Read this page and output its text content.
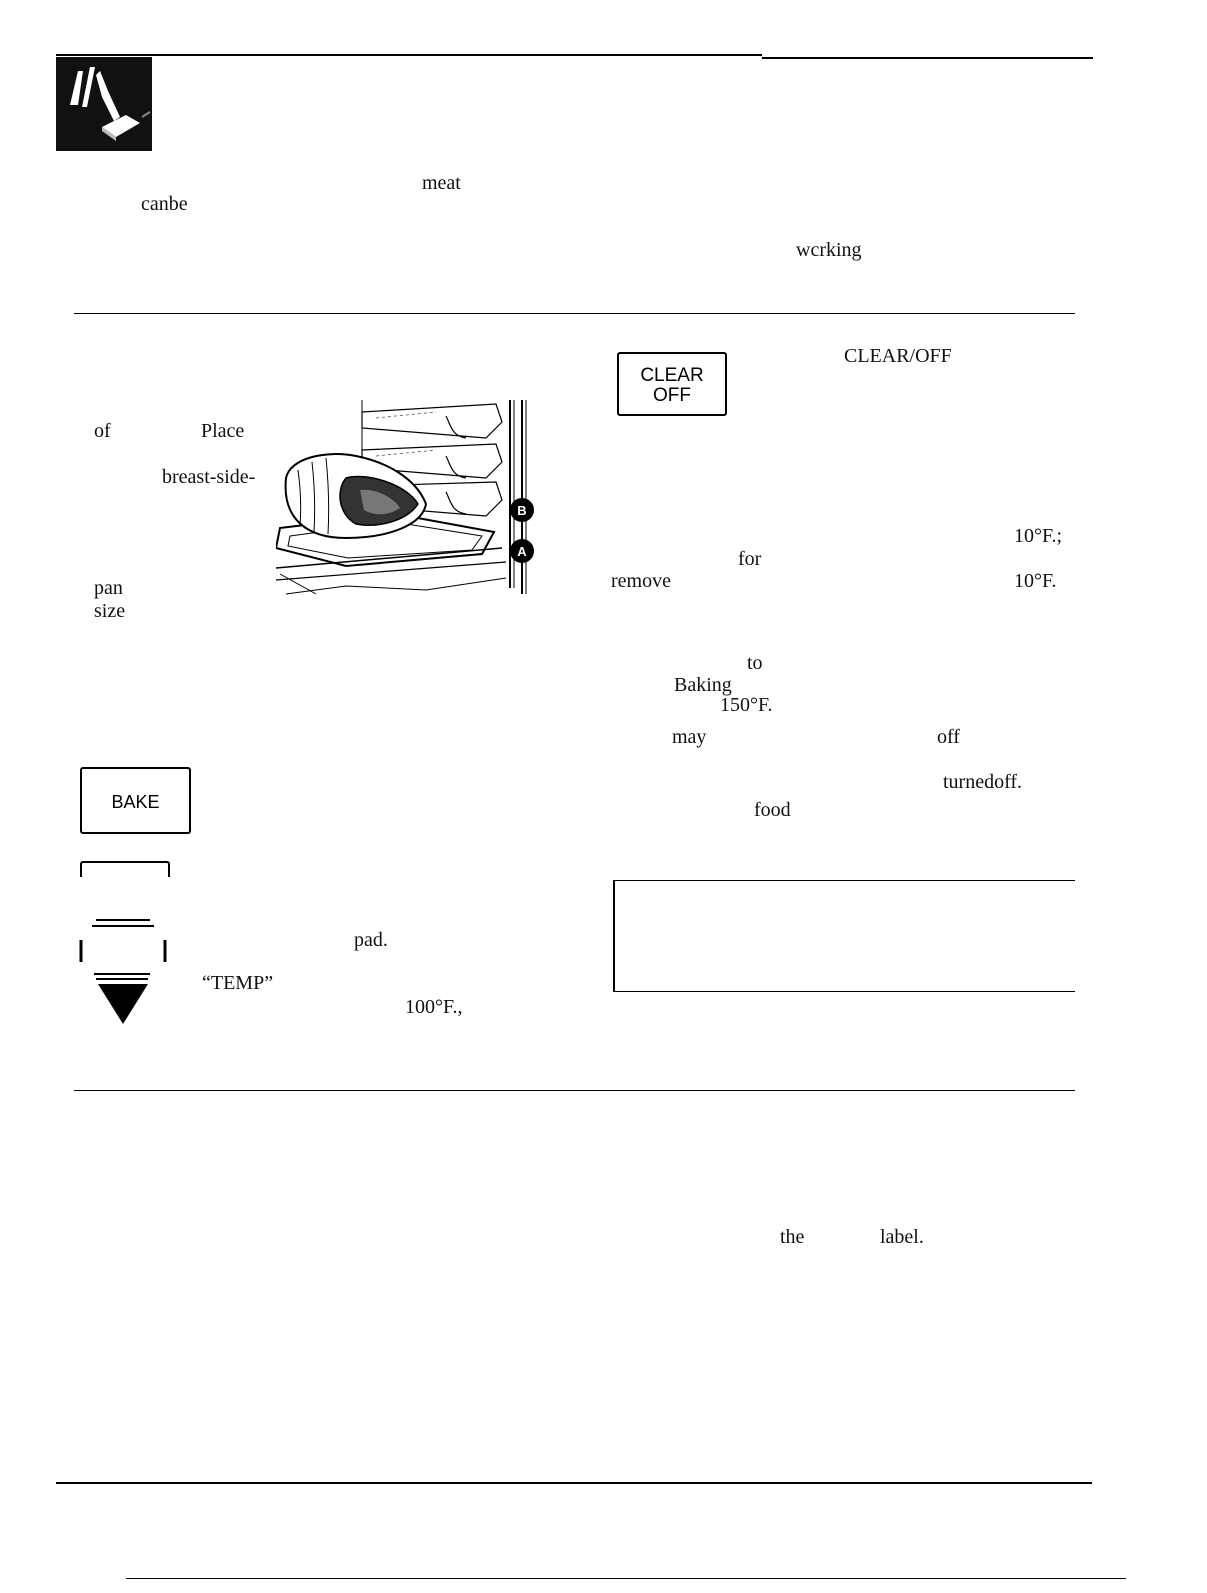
meat
canbe
wcrking
of	Place
breast-side-
pan
size
B
A
BAKE
pad.
“TEMP”
100°F.,
CLEAR
OFF
CLEAR/OFF
10°F.;
for
remove	10°F.
to
Baking
150°F.
may	off
turnedoff.
food
the	label.
